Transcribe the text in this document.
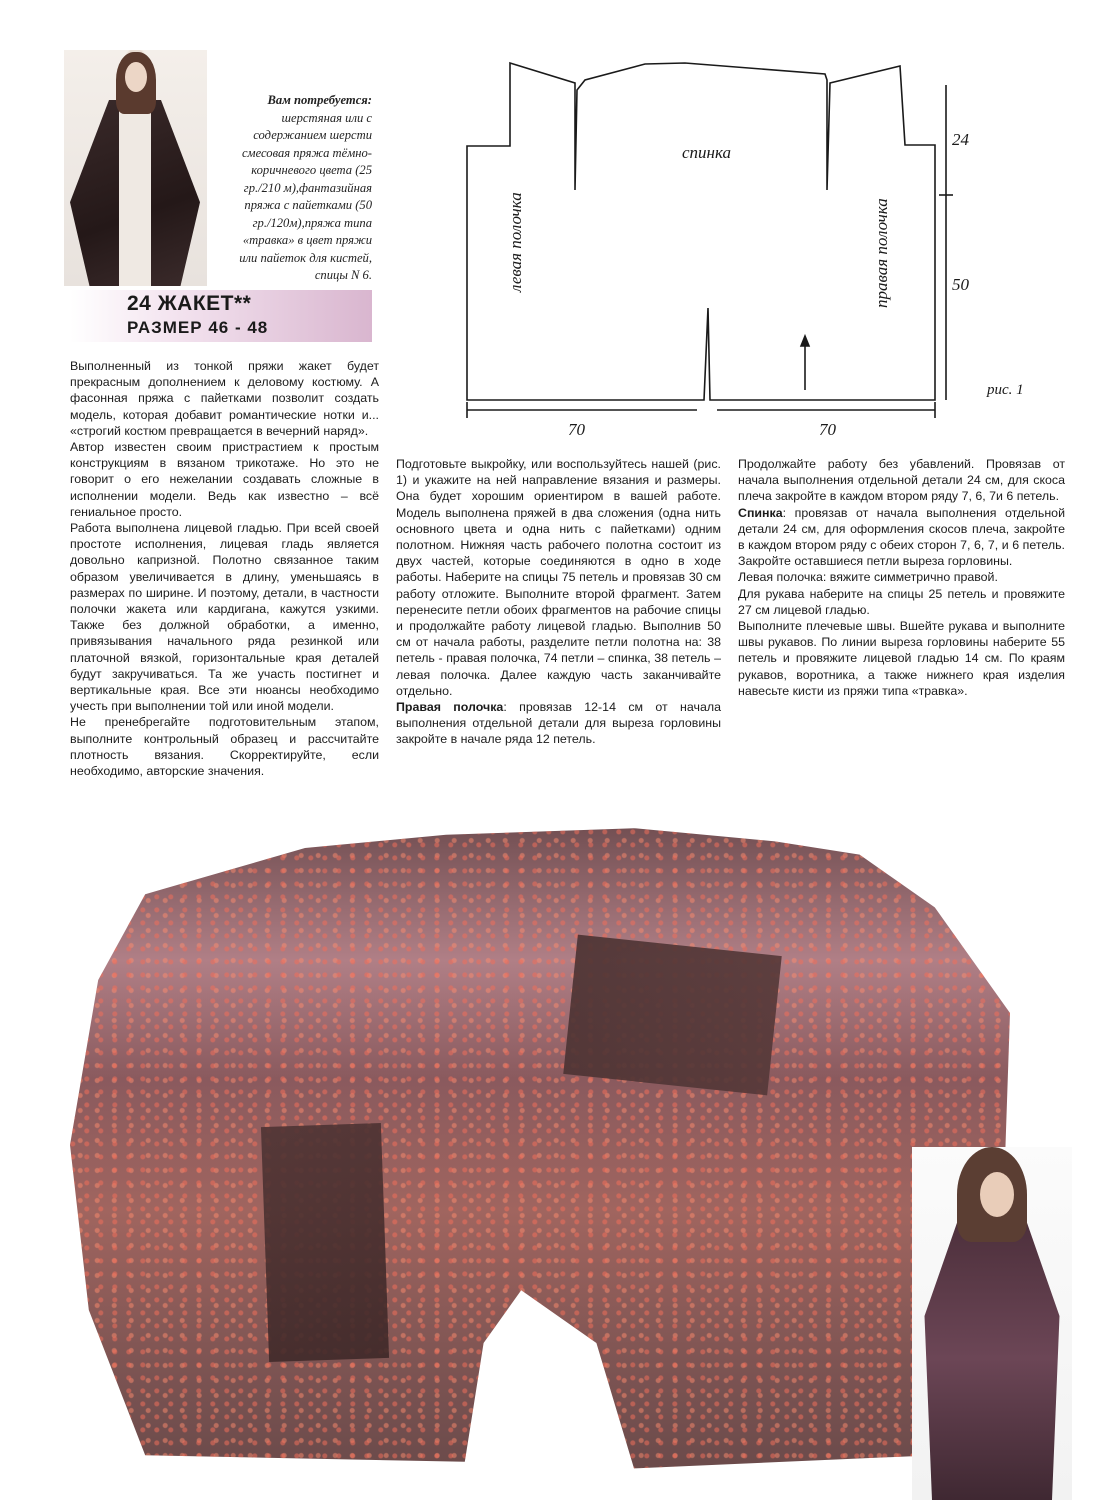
Вам потребуется:
шерстяная или с
содержанием шерсти
смесовая пряжа тёмно-
коричневого цвета (25
гр./210 м),фантазийная
пряжа с пайетками (50
гр./120м),пряжа типа
«травка» в цвет пряжи
или пайеток для кистей,
спицы N 6.
24 ЖАКЕТ**
РАЗМЕР 46 - 48
спинка
левая полочка	правая полочка
24
50
70	70
рис. 1

Выполненный из тонкой пряжи жакет будет прекрасным дополнением к деловому костюму. А фасонная пряжа с пайетками позволит создать модель, которая добавит романтические нотки и... «строгий костюм превращается в вечерний наряд».

Автор известен своим пристрастием к простым конструкциям в вязаном трикотаже. Но это не говорит о его нежелании создавать сложные в исполнении модели. Ведь как известно – всё гениальное просто.

Работа выполнена лицевой гладью. При всей своей простоте исполнения, лицевая гладь является довольно капризной. Полотно связанное таким образом увеличивается в длину, уменьшаясь в размерах по ширине. И поэтому, детали, в частности полочки жакета или кардигана, кажутся узкими. Также без должной обработки, а именно, привязывания начального ряда резинкой или платочной вязкой, горизонтальные края деталей будут закручиваться. Та же участь постигнет и вертикальные края. Все эти нюансы необходимо учесть при выполнении той или иной модели.

Не пренебрегайте подготовительным этапом, выполните контрольный образец и рассчитайте плотность вязания. Скорректируйте, если необходимо, авторские значения.

Подготовьте выкройку, или воспользуйтесь нашей (рис. 1) и укажите на ней направление вязания и размеры. Она будет хорошим ориентиром в вашей работе. Модель выполнена пряжей в два сложения (одна нить основного цвета и одна нить с пайетками) одним полотном. Нижняя часть рабочего полотна состоит из двух частей, которые соединяются в одно в ходе работы. Наберите на спицы 75 петель и провязав 30 см работу отложите. Выполните второй фрагмент. Затем перенесите петли обоих фрагментов на рабочие спицы и продолжайте работу лицевой гладью. Выполнив 50 см от начала работы, разделите петли полотна на: 38 петель - правая полочка, 74 петли – спинка, 38 петель – левая полочка. Далее каждую часть заканчивайте отдельно.

Правая полочка: провязав 12-14 см от начала выполнения отдельной детали для выреза горловины закройте в начале ряда 12 петель.

Продолжайте работу без убавлений. Провязав от начала выполнения отдельной детали 24 см, для скоса плеча закройте в каждом втором ряду 7, 6, 7и 6 петель.

Спинка: провязав от начала выполнения отдельной детали 24 см, для оформления скосов плеча, закройте в каждом втором ряду с обеих сторон 7, 6, 7, и 6 петель. Закройте оставшиеся петли выреза горловины.

Левая полочка: вяжите симметрично правой.

Для рукава наберите на спицы 25 петель и провяжите 27 см лицевой гладью.

Выполните плечевые швы. Вшейте рукава и выполните швы рукавов. По линии выреза горловины наберите 55 петель и провяжите лицевой гладью 14 см. По краям рукавов, воротника, а также нижнего края изделия навесьте кисти из пряжи типа «травка».
